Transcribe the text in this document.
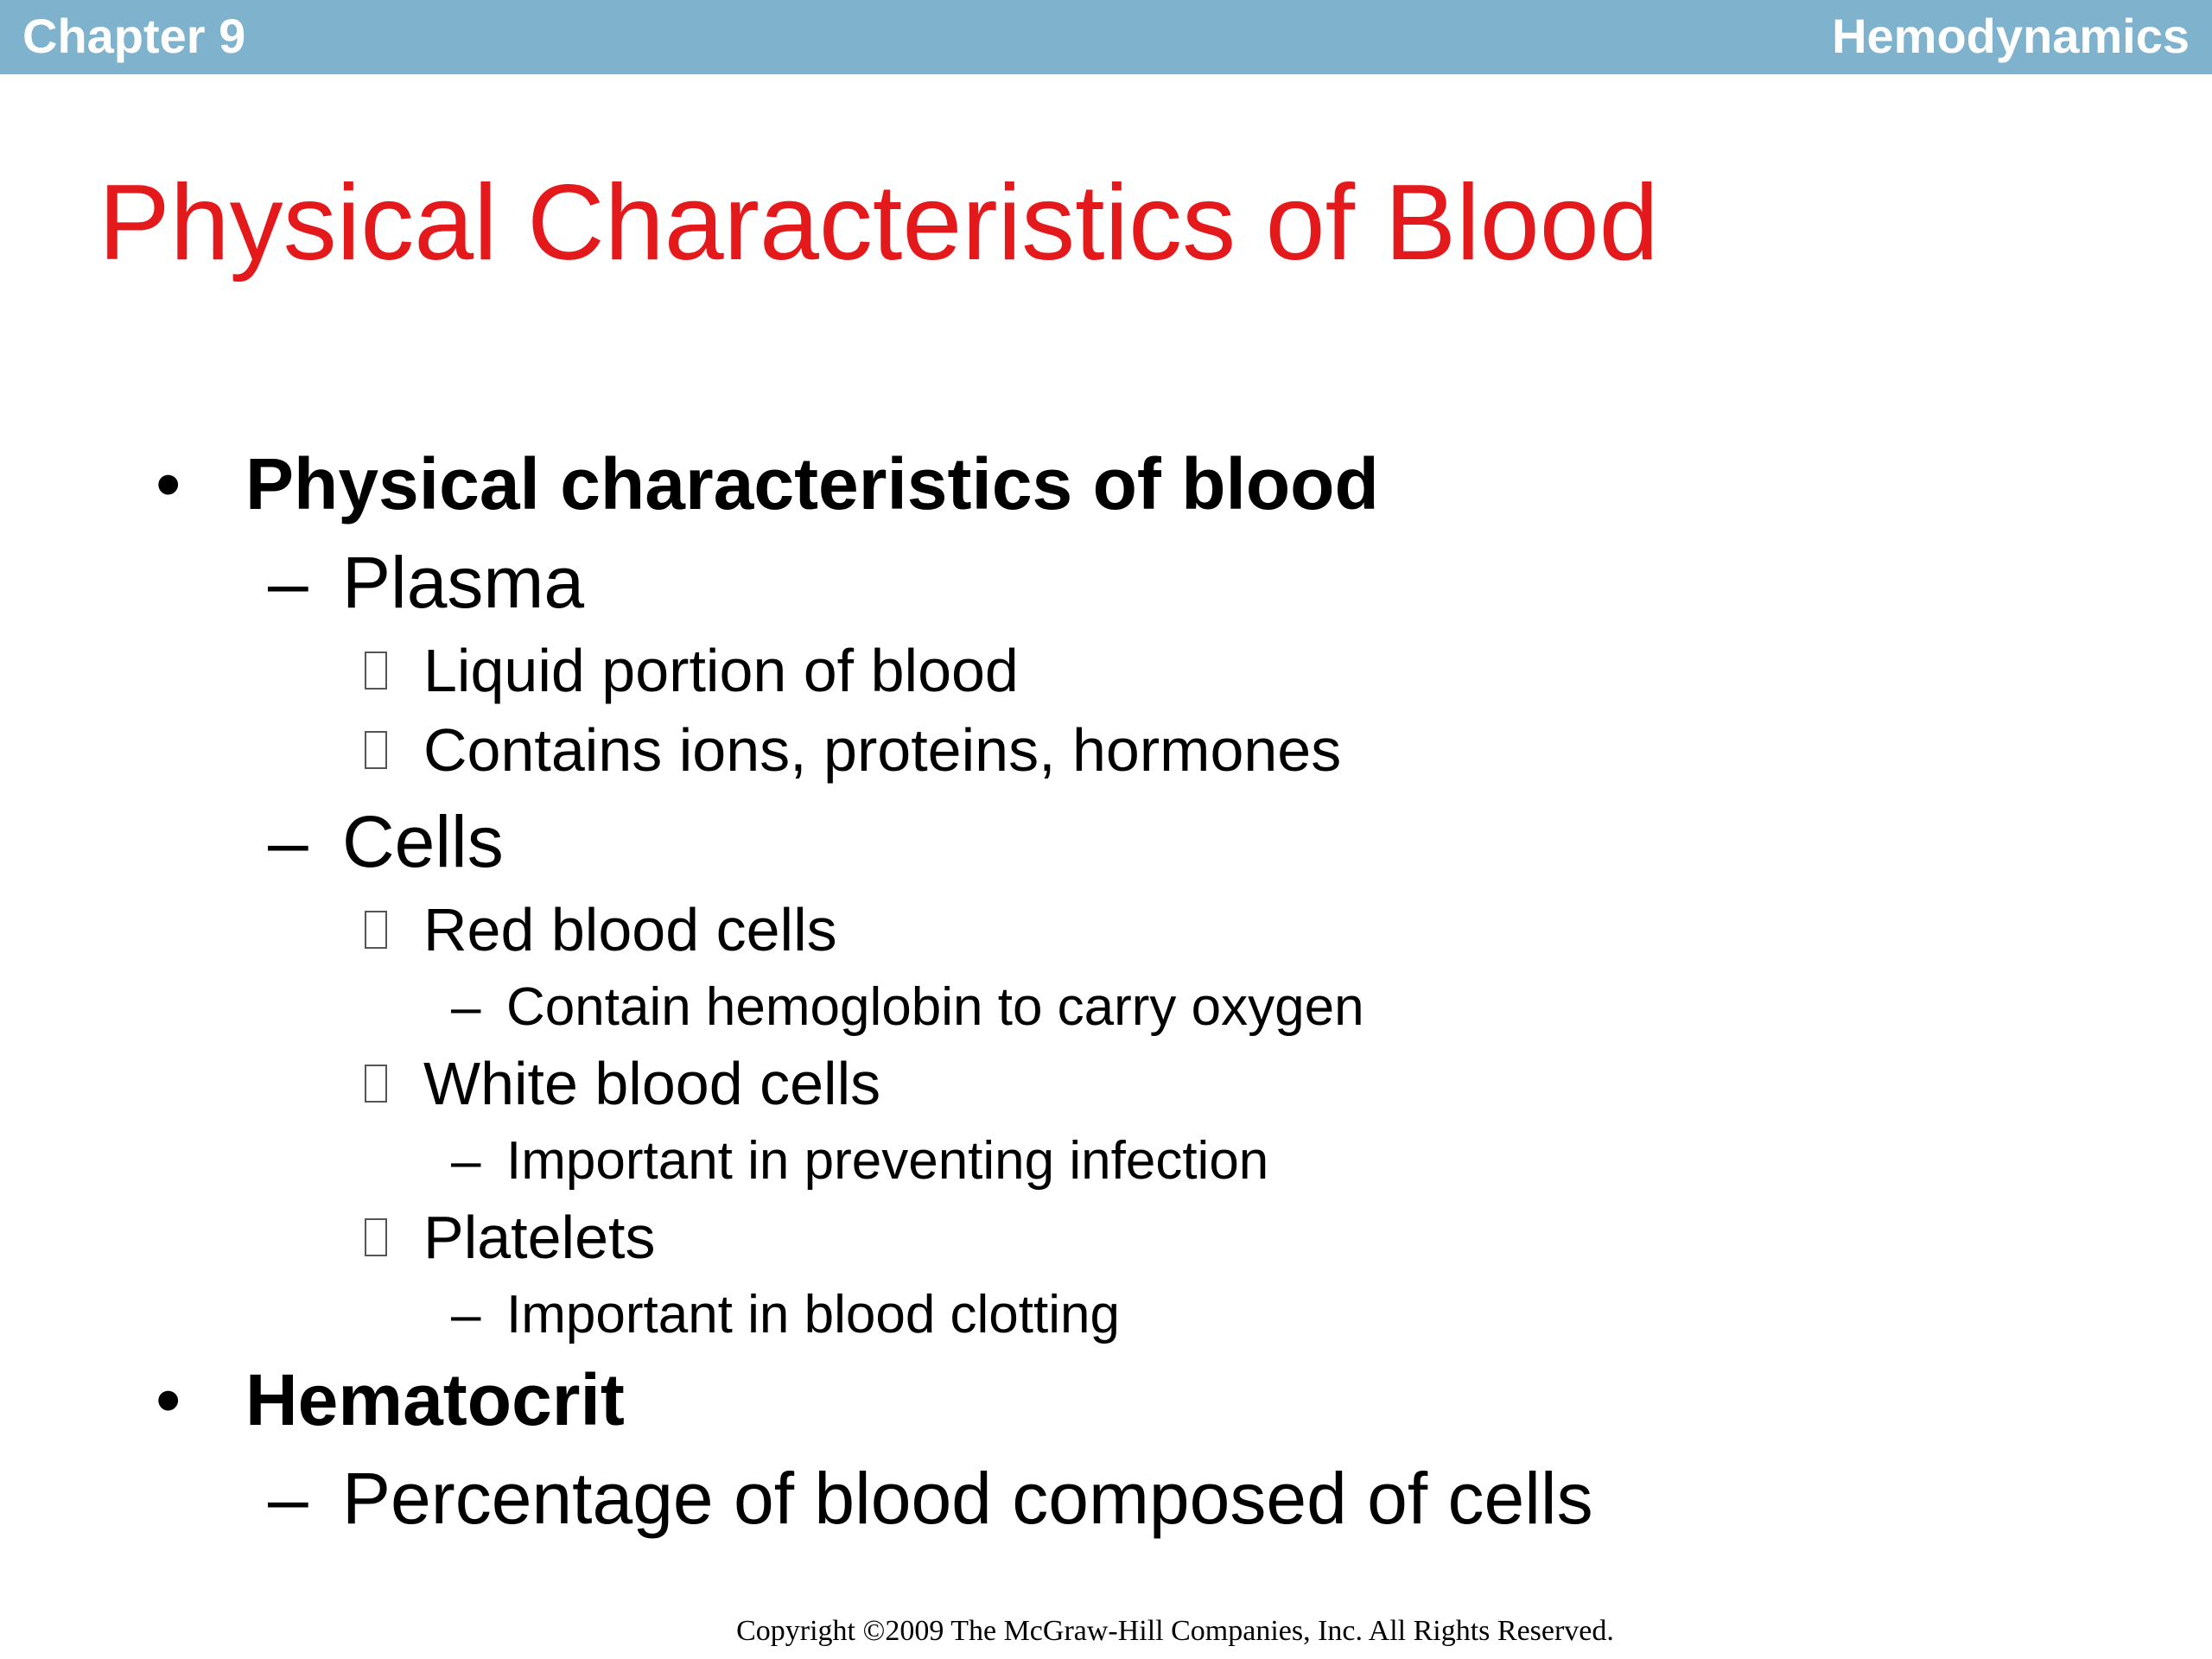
Chapter 9	Hemodynamics
Physical Characteristics of Blood
• Physical characteristics of blood
– Plasma
Liquid portion of blood
Contains ions, proteins, hormones
– Cells
Red blood cells
– Contain hemoglobin to carry oxygen
White blood cells
– Important in preventing infection
Platelets
– Important in blood clotting
• Hematocrit
– Percentage of blood composed of cells
Copyright ©2009 The McGraw-Hill Companies, Inc. All Rights Reserved.
